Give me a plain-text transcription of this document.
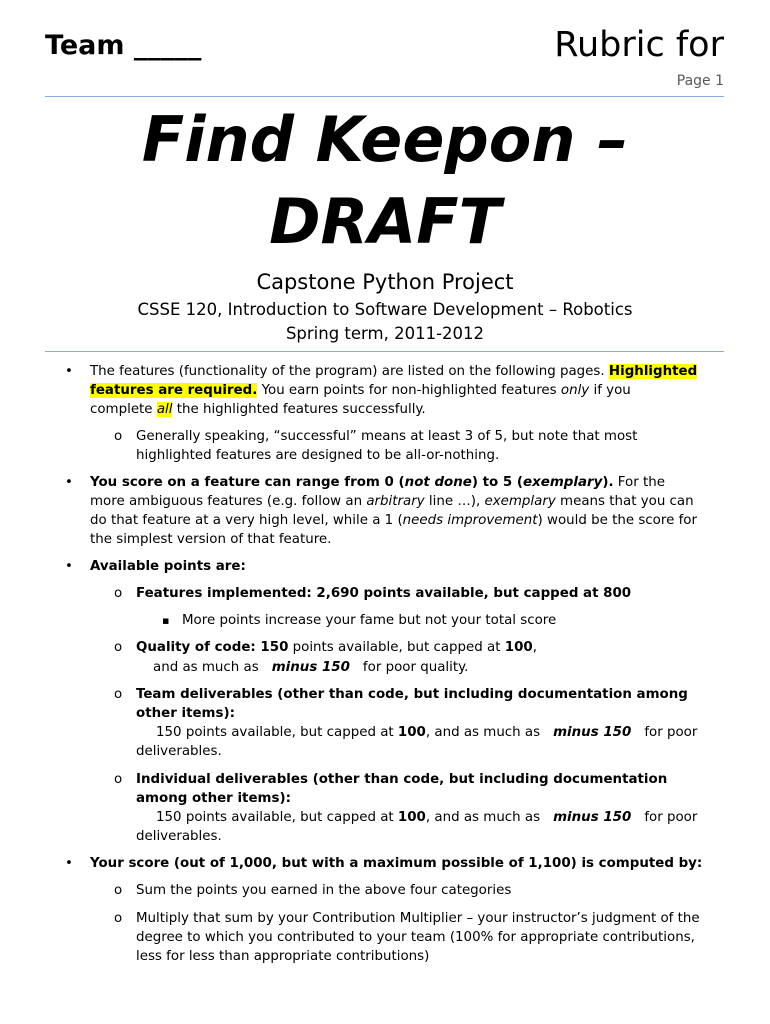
Team _____	Rubric for
Page 1
Find Keepon –
DRAFT
Capstone Python Project
CSSE 120, Introduction to Software Development – Robotics
Spring term, 2011-2012
• The features (functionality of the program) are listed on the following pages. Highlighted
features are required. You earn points for non-highlighted features only if you
complete all the highlighted features successfully.
o Generally speaking, “successful” means at least 3 of 5, but note that most
highlighted features are designed to be all-or-nothing.
• You score on a feature can range from 0 (not done) to 5 (exemplary). For the
more ambiguous features (e.g. follow an arbitrary line …), exemplary means that you can
do that feature at a very high level, while a 1 (needs improvement) would be the score for
the simplest version of that feature.
• Available points are:
o Features implemented: 2,690 points available, but capped at 800
▪ More points increase your fame but not your total score
o Quality of code: 150 points available, but capped at 100,
and as much as minus 150 for poor quality.
o Team deliverables (other than code, but including documentation among
other items):
150 points available, but capped at 100, and as much as minus 150 for poor
deliverables.
o Individual deliverables (other than code, but including documentation
among other items):
150 points available, but capped at 100, and as much as minus 150 for poor
deliverables.
• Your score (out of 1,000, but with a maximum possible of 1,100) is computed by:
o Sum the points you earned in the above four categories
o Multiply that sum by your Contribution Multiplier – your instructor’s judgment of the
degree to which you contributed to your team (100% for appropriate contributions,
less for less than appropriate contributions)
